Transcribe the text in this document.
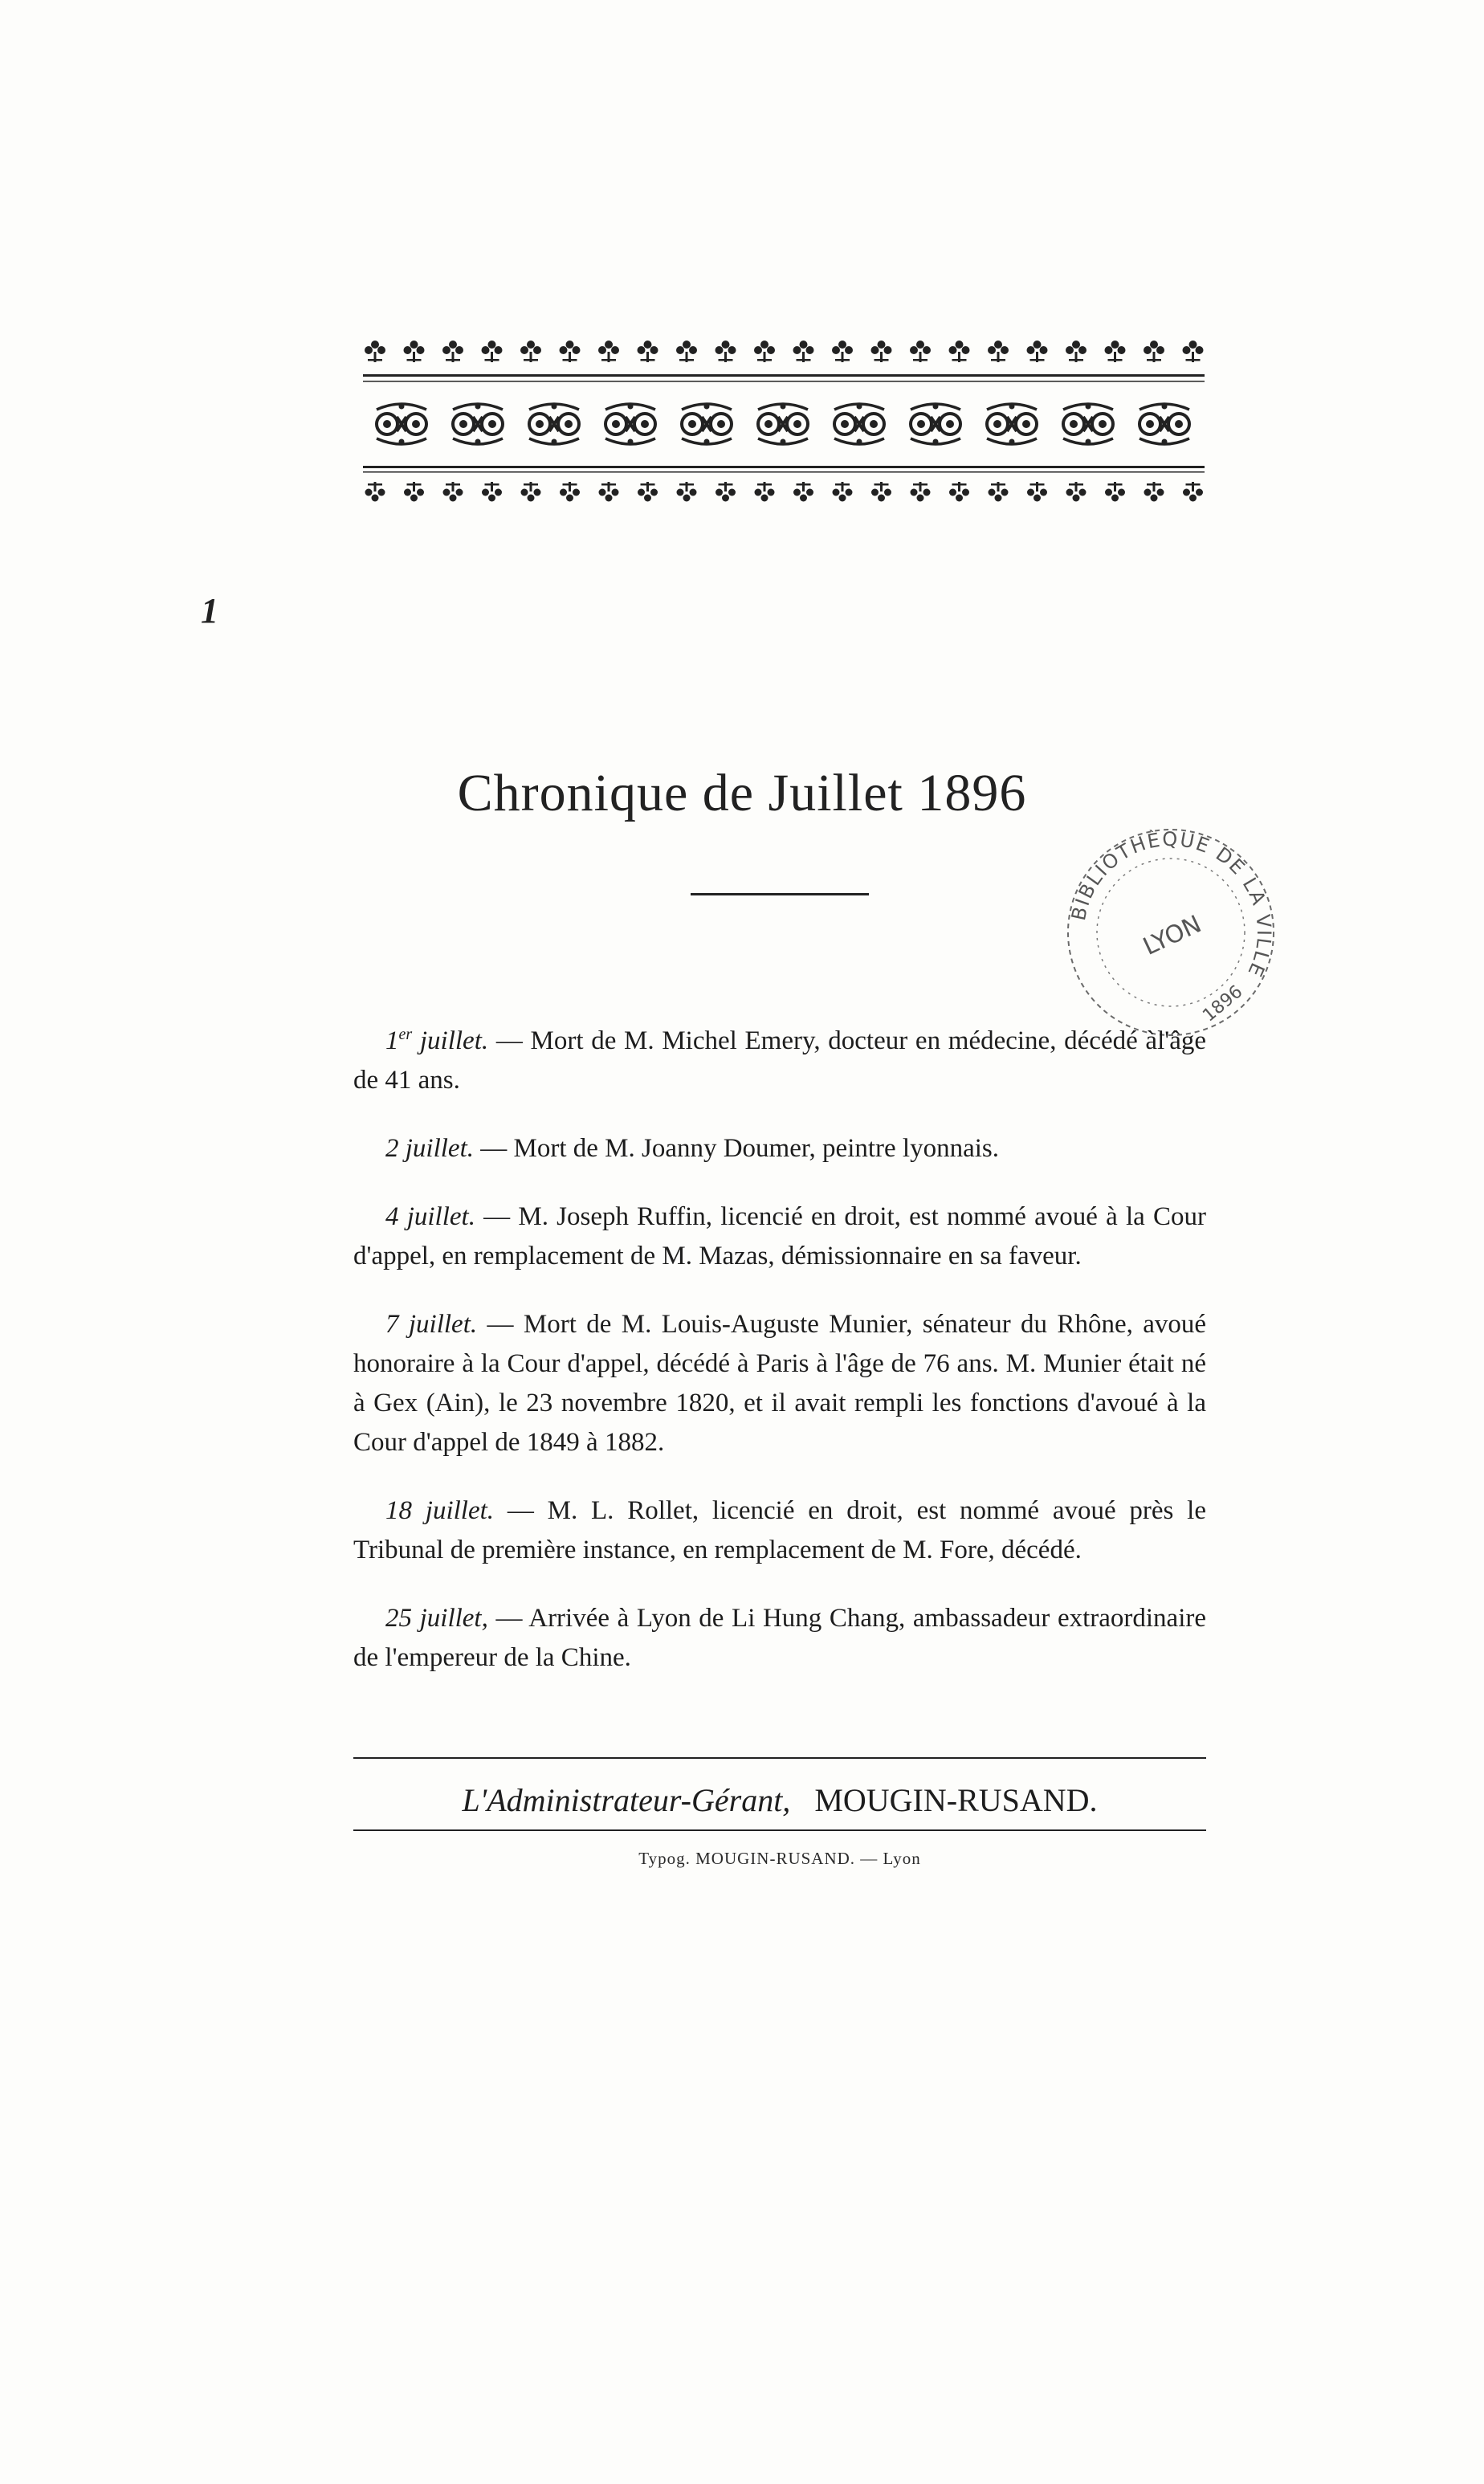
1
Chronique de Juillet 1896
BIBLIOTHÈQUE DE LA VILLE
LYON
1896

1er juillet. — Mort de M. Michel Emery, docteur en médecine, décédé àl'âge de 41 ans.

2 juillet. — Mort de M. Joanny Doumer, peintre lyonnais.

4 juillet. — M. Joseph Ruffin, licencié en droit, est nommé avoué à la Cour d'appel, en remplacement de M. Mazas, démissionnaire en sa faveur.

7 juillet. — Mort de M. Louis-Auguste Munier, sénateur du Rhône, avoué honoraire à la Cour d'appel, décédé à Paris à l'âge de 76 ans. M. Munier était né à Gex (Ain), le 23 novembre 1820, et il avait rempli les fonctions d'avoué à la Cour d'appel de 1849 à 1882.

18 juillet. — M. L. Rollet, licencié en droit, est nommé avoué près le Tribunal de première instance, en remplacement de M. Fore, décédé.

25 juillet, — Arrivée à Lyon de Li Hung Chang, ambassadeur extraordinaire de l'empereur de la Chine.

L'Administrateur-Gérant, MOUGIN-RUSAND.
Typog. MOUGIN-RUSAND. — Lyon
